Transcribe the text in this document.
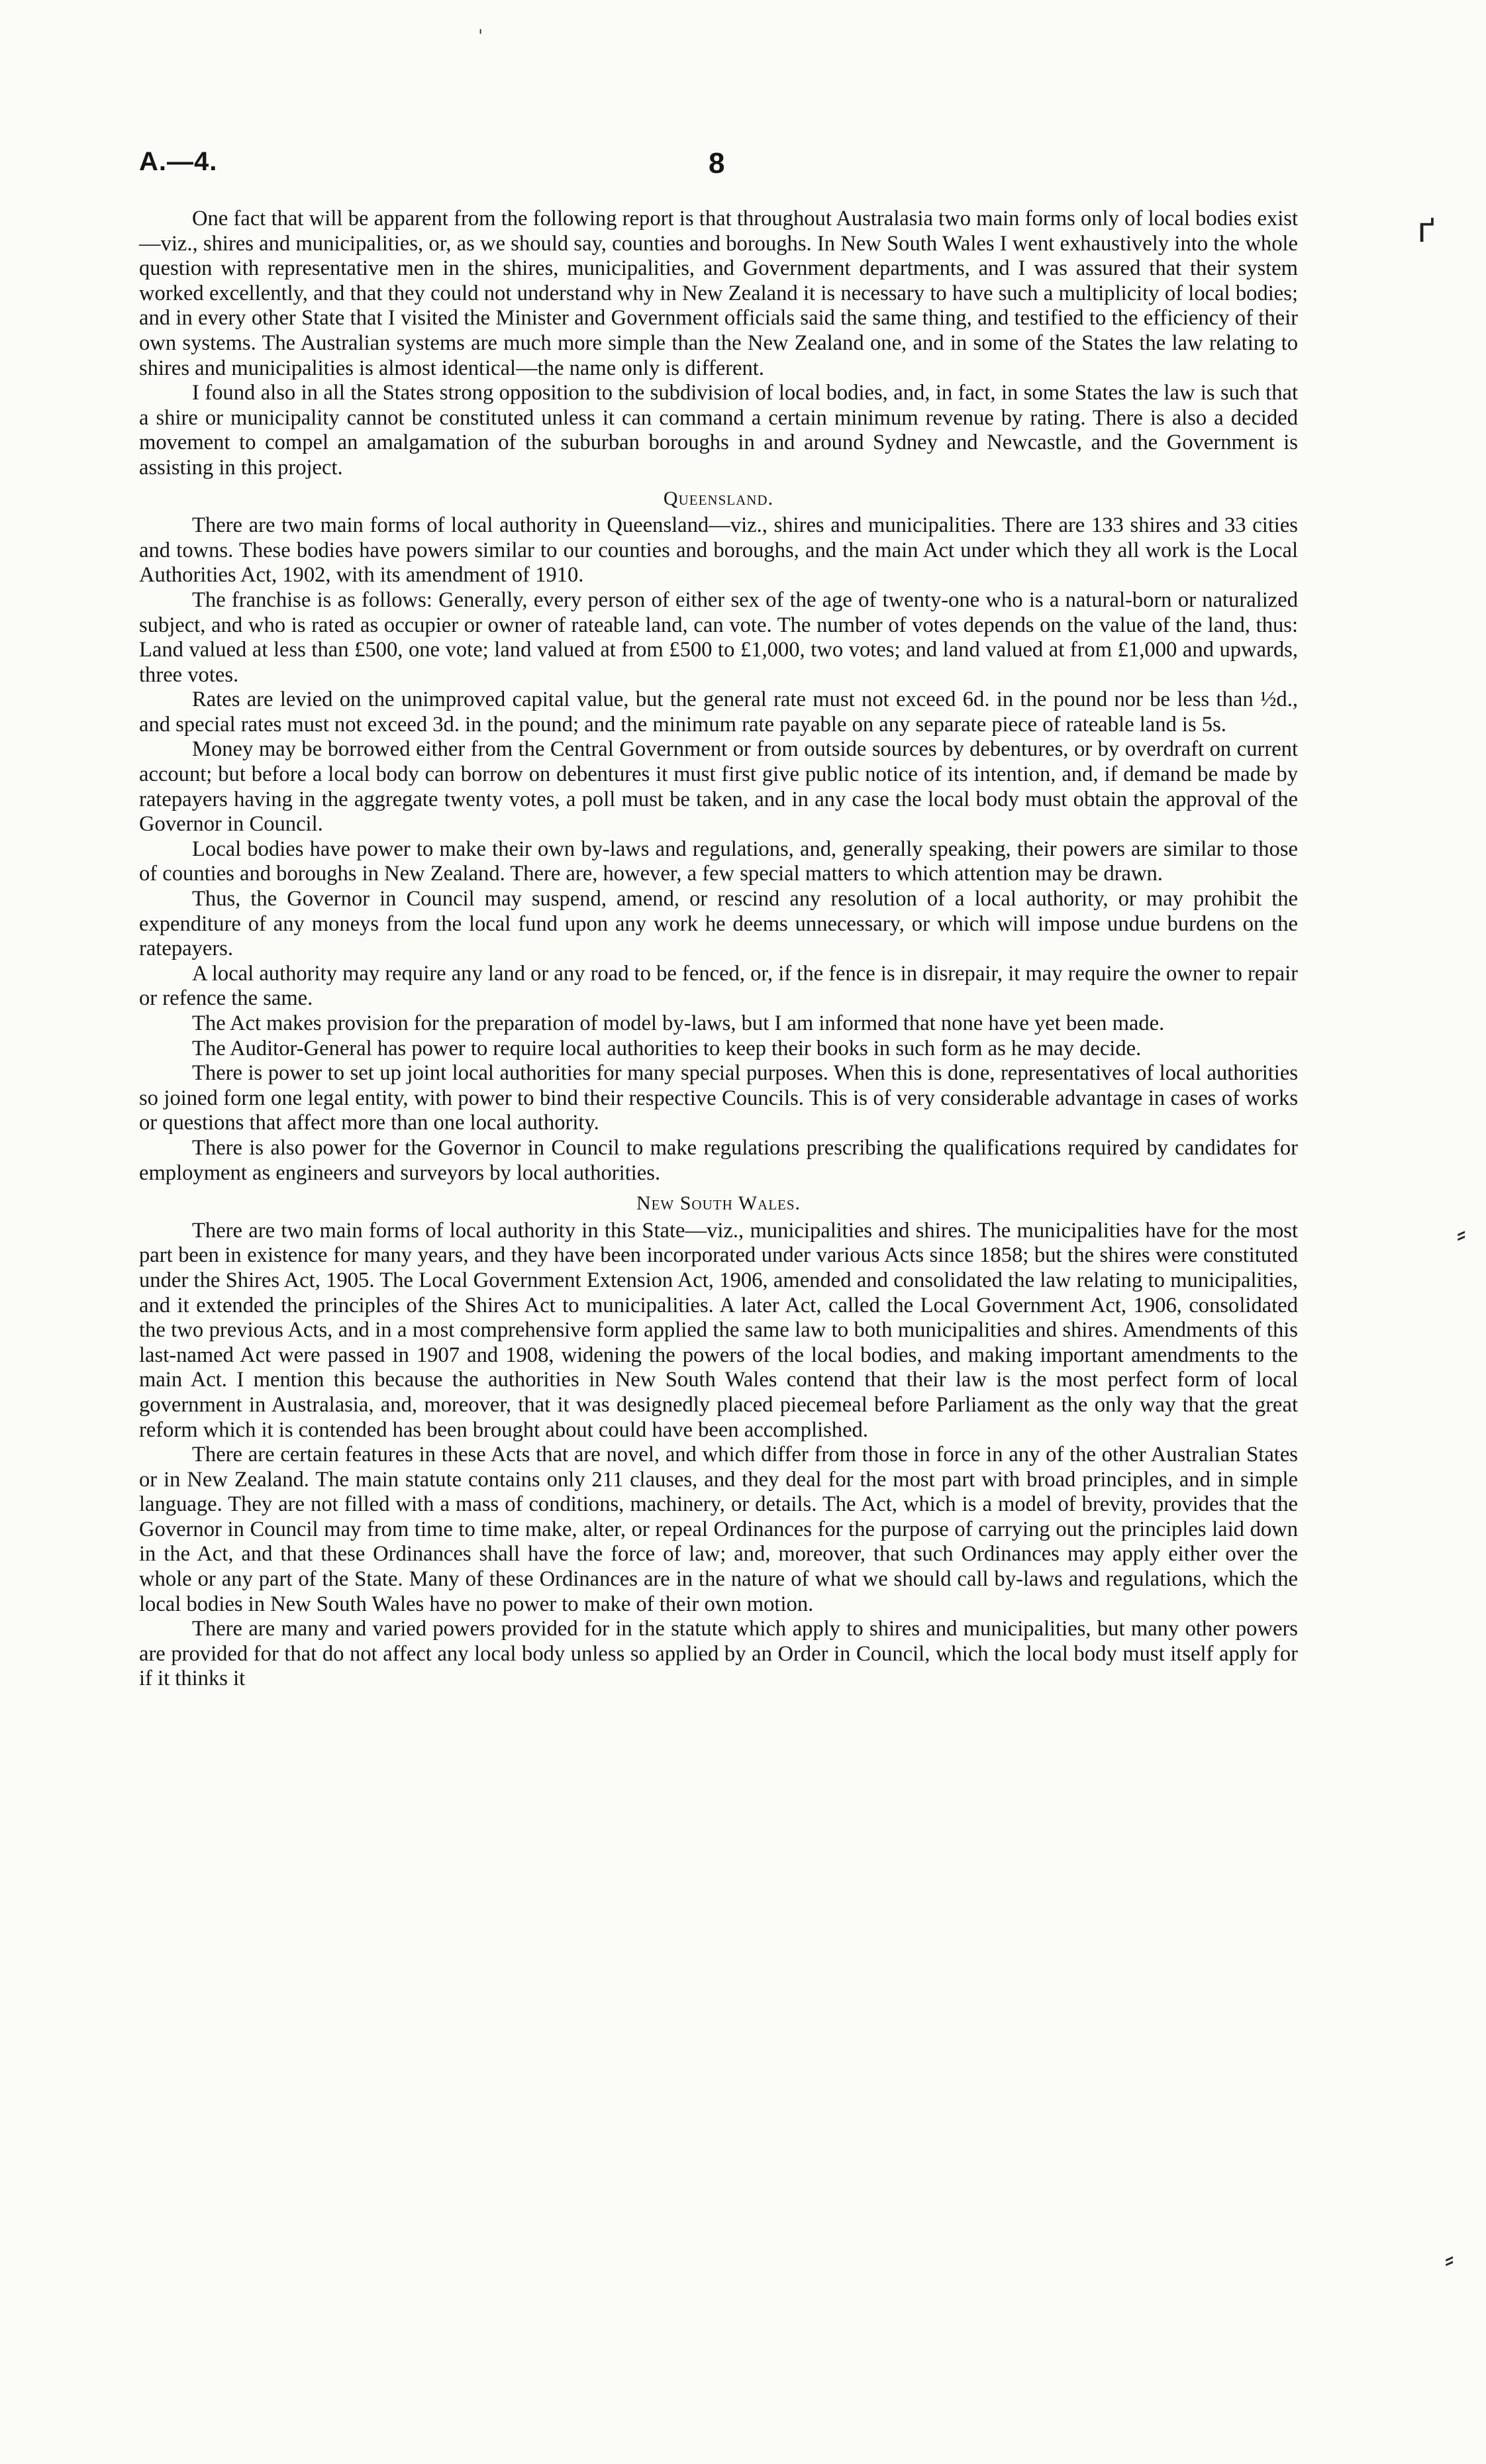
ˌ
ґ
⸗
⸗
A.—4.	8

One fact that will be apparent from the following report is that throughout Australasia two main forms only of local bodies exist—viz., shires and municipalities, or, as we should say, counties and boroughs. In New South Wales I went exhaustively into the whole question with representative men in the shires, municipalities, and Government departments, and I was assured that their system worked excellently, and that they could not understand why in New Zealand it is necessary to have such a multiplicity of local bodies; and in every other State that I visited the Minister and Government officials said the same thing, and testified to the efficiency of their own systems. The Australian systems are much more simple than the New Zealand one, and in some of the States the law relating to shires and municipalities is almost identical—the name only is different.

I found also in all the States strong opposition to the subdivision of local bodies, and, in fact, in some States the law is such that a shire or municipality cannot be constituted unless it can command a certain minimum revenue by rating. There is also a decided movement to compel an amalgamation of the suburban boroughs in and around Sydney and Newcastle, and the Government is assisting in this project.

Queensland.

There are two main forms of local authority in Queensland—viz., shires and municipalities. There are 133 shires and 33 cities and towns. These bodies have powers similar to our counties and boroughs, and the main Act under which they all work is the Local Authorities Act, 1902, with its amendment of 1910.

The franchise is as follows: Generally, every person of either sex of the age of twenty-one who is a natural-born or naturalized subject, and who is rated as occupier or owner of rateable land, can vote. The number of votes depends on the value of the land, thus: Land valued at less than £500, one vote; land valued at from £500 to £1,000, two votes; and land valued at from £1,000 and upwards, three votes.

Rates are levied on the unimproved capital value, but the general rate must not exceed 6d. in the pound nor be less than ½d., and special rates must not exceed 3d. in the pound; and the minimum rate payable on any separate piece of rateable land is 5s.

Money may be borrowed either from the Central Government or from outside sources by debentures, or by overdraft on current account; but before a local body can borrow on debentures it must first give public notice of its intention, and, if demand be made by ratepayers having in the aggregate twenty votes, a poll must be taken, and in any case the local body must obtain the approval of the Governor in Council.

Local bodies have power to make their own by-laws and regulations, and, generally speaking, their powers are similar to those of counties and boroughs in New Zealand. There are, however, a few special matters to which attention may be drawn.

Thus, the Governor in Council may suspend, amend, or rescind any resolution of a local authority, or may prohibit the expenditure of any moneys from the local fund upon any work he deems unnecessary, or which will impose undue burdens on the ratepayers.

A local authority may require any land or any road to be fenced, or, if the fence is in disrepair, it may require the owner to repair or refence the same.

The Act makes provision for the preparation of model by-laws, but I am informed that none have yet been made.

The Auditor-General has power to require local authorities to keep their books in such form as he may decide.

There is power to set up joint local authorities for many special purposes. When this is done, representatives of local authorities so joined form one legal entity, with power to bind their respective Councils. This is of very considerable advantage in cases of works or questions that affect more than one local authority.

There is also power for the Governor in Council to make regulations prescribing the qualifications required by candidates for employment as engineers and surveyors by local authorities.

New South Wales.

There are two main forms of local authority in this State—viz., municipalities and shires. The municipalities have for the most part been in existence for many years, and they have been incorporated under various Acts since 1858; but the shires were constituted under the Shires Act, 1905. The Local Government Extension Act, 1906, amended and consolidated the law relating to municipalities, and it extended the principles of the Shires Act to municipalities. A later Act, called the Local Government Act, 1906, consolidated the two previous Acts, and in a most comprehensive form applied the same law to both municipalities and shires. Amendments of this last-named Act were passed in 1907 and 1908, widening the powers of the local bodies, and making important amendments to the main Act. I mention this because the authorities in New South Wales contend that their law is the most perfect form of local government in Australasia, and, moreover, that it was designedly placed piecemeal before Parliament as the only way that the great reform which it is contended has been brought about could have been accomplished.

There are certain features in these Acts that are novel, and which differ from those in force in any of the other Australian States or in New Zealand. The main statute contains only 211 clauses, and they deal for the most part with broad principles, and in simple language. They are not filled with a mass of conditions, machinery, or details. The Act, which is a model of brevity, provides that the Governor in Council may from time to time make, alter, or repeal Ordinances for the purpose of carrying out the principles laid down in the Act, and that these Ordinances shall have the force of law; and, moreover, that such Ordinances may apply either over the whole or any part of the State. Many of these Ordinances are in the nature of what we should call by-laws and regulations, which the local bodies in New South Wales have no power to make of their own motion.

There are many and varied powers provided for in the statute which apply to shires and municipalities, but many other powers are provided for that do not affect any local body unless so applied by an Order in Council, which the local body must itself apply for if it thinks it
